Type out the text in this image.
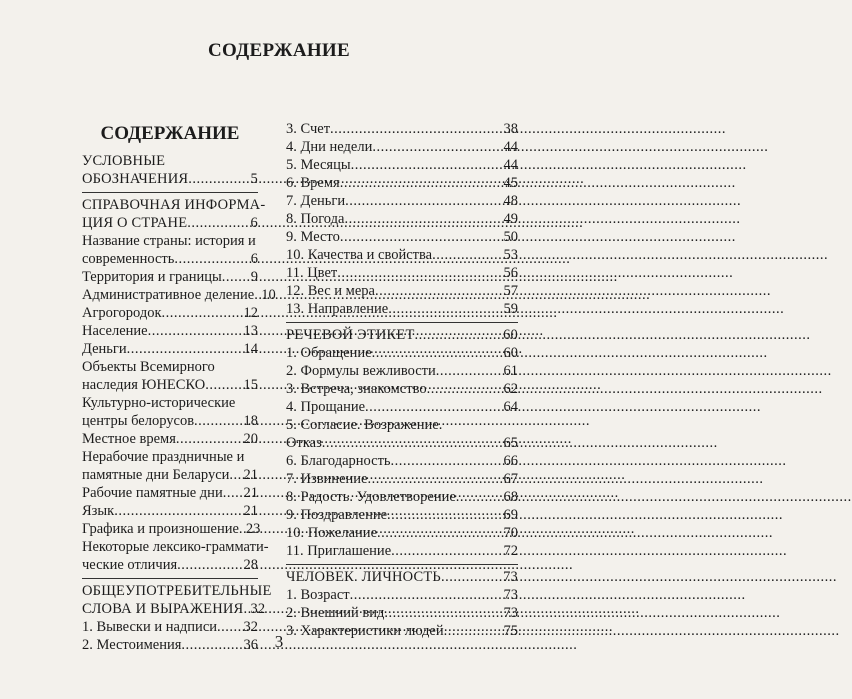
СОДЕРЖАНИЕ
СОДЕРЖАНИЕ
УСЛОВНЫЕ
ОБОЗНАЧЕНИЯ .....	5
СПРАВОЧНАЯ ИНФОРМА-
ЦИЯ О СТРАНЕ .....	6
Название страны: история и
современность .....	6
Территория и границы ..... 9
Административное деление ..... 10
Агрогородок .....	12
Население .....	13
Деньги .....	14
Объекты Всемирного
наследия ЮНЕСКО .....	15
Культурно-исторические
центры белорусов .....	18
Местное время .....	20
Нерабочие праздничные и
памятные дни Беларуси ..... 21
Рабочие памятные дни ..... 21
Язык .....	21
Графика и произношение ..... 23
Некоторые лексико-граммати-
ческие отличия .....	28
ОБЩЕУПОТРЕБИТЕЛЬНЫЕ
СЛОВА И ВЫРАЖЕНИЯ ..... 32
1. Вывески и надписи ..... 32
2. Местоимения .....	36
3. Счет .....	38
4. Дни недели .....	44
5. Месяцы .....	44
6. Время .....	45
7. Деньги .....	48
8. Погода .....	49
9. Место .....	50
10. Качества и свойства .....	53
11. Цвет .....	56
12. Вес и мера .....	57
13. Направление .....	59
РЕЧЕВОЙ ЭТИКЕТ .....	60
1. Обращение .....	60
2. Формулы вежливости .....	61
3. Встреча, знакомство .....	62
4. Прощание .....	64
5. Согласие. Возражение.
Отказ .....	65
6. Благодарность .....	66
7. Извинение .....	67
8. Радость. Удовлетворение .....	68
9. Поздравление .....	69
10. Пожелание .....	70
11. Приглашение .....	72
ЧЕЛОВЕК. ЛИЧНОСТЬ .....	73
1. Возраст .....	73
2. Внешний вид .....	73
3. Характеристики людей .....	75
3
